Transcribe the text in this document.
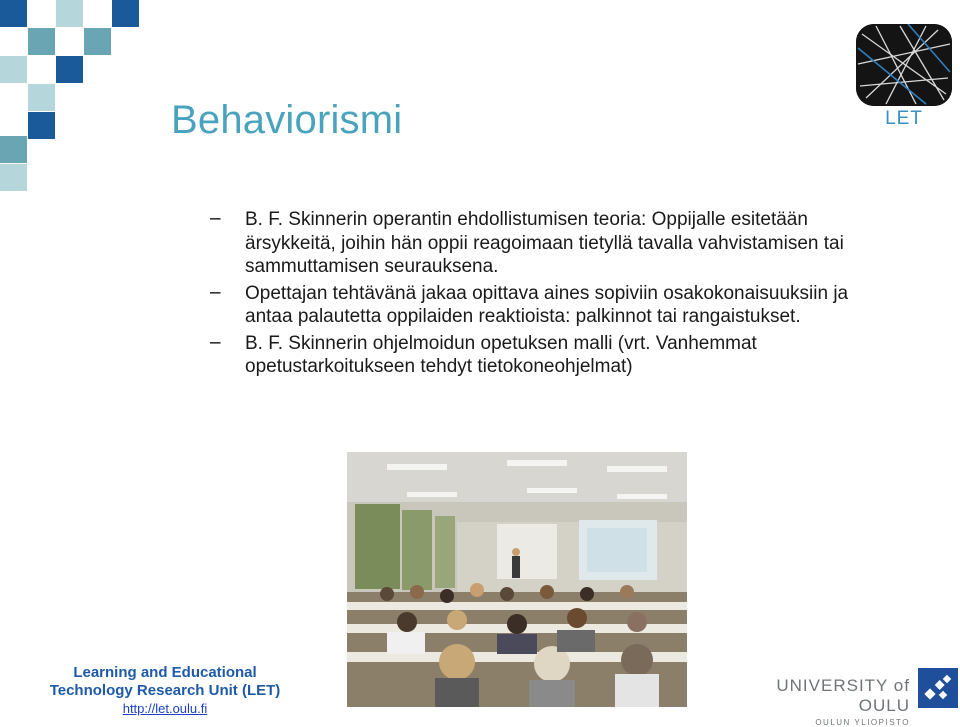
Behaviorismi	LET
–	B. F. Skinnerin operantin ehdollistumisen teoria: Oppijalle esitetään ärsykkeitä, joihin hän oppii reagoimaan tietyllä tavalla vahvistamisen tai sammuttamisen seurauksena.
–	Opettajan tehtävänä jakaa opittava aines sopiviin osakokonaisuuksiin ja antaa palautetta oppilaiden reaktioista: palkinnot tai rangaistukset.
–	B. F. Skinnerin ohjelmoidun opetuksen malli (vrt. Vanhemmat opetustarkoitukseen tehdyt tietokoneohjelmat)
Learning and Educational
Technology Research Unit (LET)
http://let.oulu.fi
UNIVERSITY of OULU
OULUN YLIOPISTO
